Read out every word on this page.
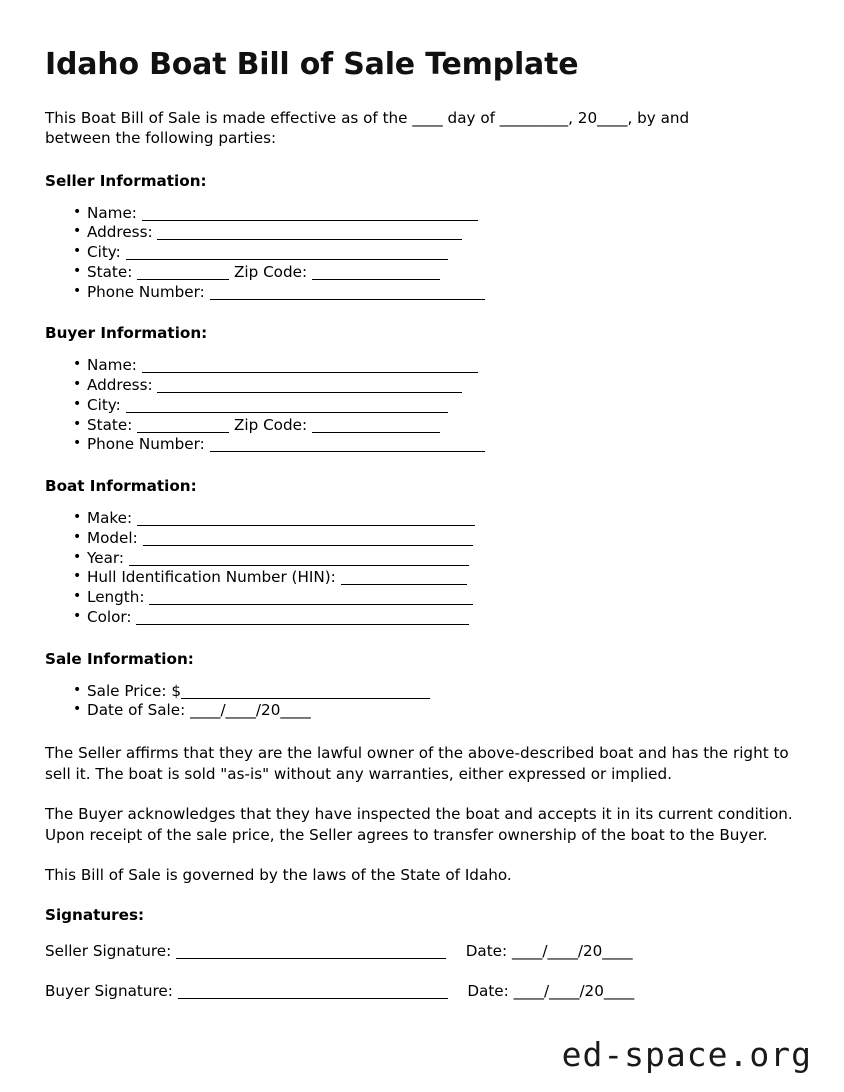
Idaho Boat Bill of Sale Template

This Boat Bill of Sale is made effective as of the ____ day of _________, 20____, by and between the following parties:

Seller Information:
• Name:
• Address:
• City:
• State:	Zip Code:
• Phone Number:
Buyer Information:
• Name:
• Address:
• City:
• State:	Zip Code:
• Phone Number:
Boat Information:
• Make:
• Model:
• Year:
• Hull Identification Number (HIN):
• Length:
• Color:
Sale Information:
• Sale Price: $
• Date of Sale: ____/____/20____

The Seller affirms that they are the lawful owner of the above-described boat and has the right to sell it. The boat is sold "as-is" without any warranties, either expressed or implied.

The Buyer acknowledges that they have inspected the boat and accepts it in its current condition. Upon receipt of the sale price, the Seller agrees to transfer ownership of the boat to the Buyer.

This Bill of Sale is governed by the laws of the State of Idaho.

Signatures:
Seller Signature:	Date: ____/____/20____
Buyer Signature:	Date: ____/____/20____
ed-space.org
